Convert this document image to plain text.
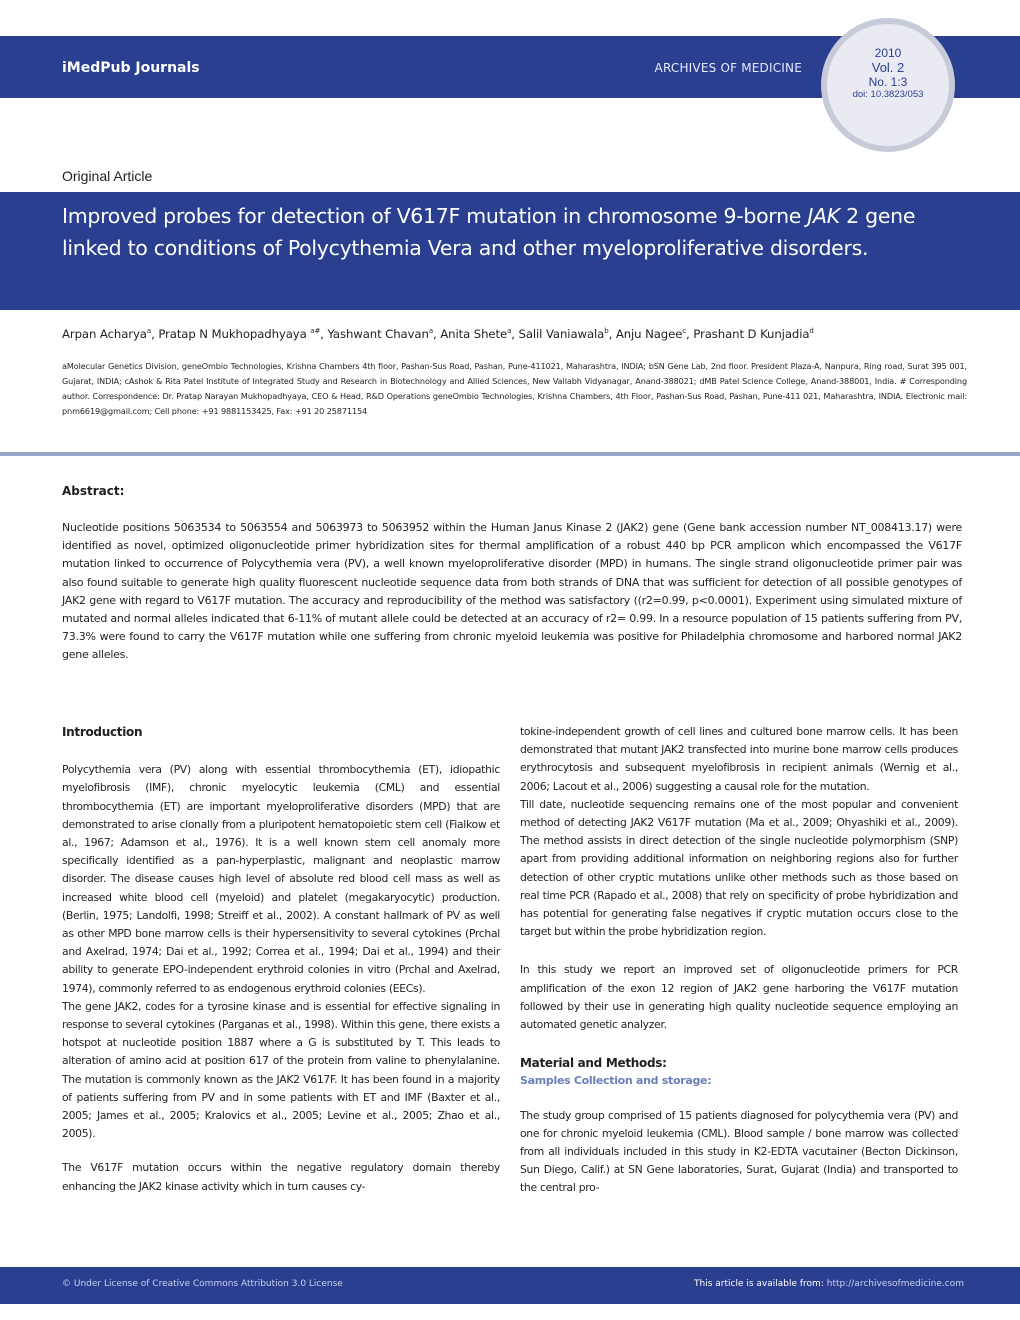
iMedPub Journals	ARCHIVES OF MEDICINE
2010
Vol. 2
No. 1:3
doi: 10.3823/053
Original Article
Improved probes for detection of V617F mutation in chromosome 9-borne JAK 2 gene linked to conditions of Polycythemia Vera and other myeloproliferative disorders.
Arpan Acharya$^a$, Pratap N Mukhopadhyaya $^{a\#}$, Yashwant Chavan$^a$, Anita Shete$^a$, Salil Vaniawala$^b$, Anju Nagee$^c$, Prashant D Kunjadia$^d$
aMolecular Genetics Division, geneOmbio Technologies, Krishna Chambers 4th floor, Pashan-Sus Road, Pashan, Pune-411021, Maharashtra, INDIA; bSN Gene Lab, 2nd floor. President Plaza-A, Nanpura, Ring road, Surat 395 001, Gujarat, INDIA; cAshok & Rita Patel Institute of Integrated Study and Research in Biotechnology and Allied Sciences, New Vallabh Vidyanagar, Anand-388021; dMB Patel Science College, Anand-388001, India. # Corresponding author. Correspondence: Dr. Pratap Narayan Mukhopadhyaya, CEO & Head, R&D Operations geneOmbio Technologies, Krishna Chambers, 4th Floor, Pashan-Sus Road, Pashan, Pune-411 021, Maharashtra, INDIA. Electronic mail: pnm6619@gmail.com; Cell phone: +91 9881153425, Fax: +91 20 25871154
Abstract:
Nucleotide positions 5063534 to 5063554 and 5063973 to 5063952 within the Human Janus Kinase 2 (JAK2) gene (Gene bank accession number NT_008413.17) were identified as novel, optimized oligonucleotide primer hybridization sites for thermal amplification of a robust 440 bp PCR amplicon which encompassed the V617F mutation linked to occurrence of Polycythemia vera (PV), a well known myeloproliferative disorder (MPD) in humans. The single strand oligonucleotide primer pair was also found suitable to generate high quality fluorescent nucleotide sequence data from both strands of DNA that was sufficient for detection of all possible genotypes of JAK2 gene with regard to V617F mutation. The accuracy and reproducibility of the method was satisfactory ((r2=0.99, p<0.0001). Experiment using simulated mixture of mutated and normal alleles indicated that 6-11% of mutant allele could be detected at an accuracy of r2= 0.99. In a resource population of 15 patients suffering from PV, 73.3% were found to carry the V617F mutation while one suffering from chronic myeloid leukemia was positive for Philadelphia chromosome and harbored normal JAK2 gene alleles.
Introduction

Polycythemia vera (PV) along with essential thrombocythemia (ET), idiopathic myelofibrosis (IMF), chronic myelocytic leukemia (CML) and essential thrombocythemia (ET) are important myeloproliferative disorders (MPD) that are demonstrated to arise clonally from a pluripotent hematopoietic stem cell (Fialkow et al., 1967; Adamson et al., 1976). It is a well known stem cell anomaly more specifically identified as a pan-hyperplastic, malignant and neoplastic marrow disorder. The disease causes high level of absolute red blood cell mass as well as increased white blood cell (myeloid) and platelet (megakaryocytic) production. (Berlin, 1975; Landolfi, 1998; Streiff et al., 2002). A constant hallmark of PV as well as other MPD bone marrow cells is their hypersensitivity to several cytokines (Prchal and Axelrad, 1974; Dai et al., 1992; Correa et al., 1994; Dai et al., 1994) and their ability to generate EPO-independent erythroid colonies in vitro (Prchal and Axelrad, 1974), commonly referred to as endogenous erythroid colonies (EECs).

The gene JAK2, codes for a tyrosine kinase and is essential for effective signaling in response to several cytokines (Parganas et al., 1998). Within this gene, there exists a hotspot at nucleotide position 1887 where a G is substituted by T. This leads to alteration of amino acid at position 617 of the protein from valine to phenylalanine. The mutation is commonly known as the JAK2 V617F. It has been found in a majority of patients suffering from PV and in some patients with ET and IMF (Baxter et al., 2005; James et al., 2005; Kralovics et al., 2005; Levine et al., 2005; Zhao et al., 2005).

The V617F mutation occurs within the negative regulatory domain thereby enhancing the JAK2 kinase activity which in turn causes cy-

tokine-independent growth of cell lines and cultured bone marrow cells. It has been demonstrated that mutant JAK2 transfected into murine bone marrow cells produces erythrocytosis and subsequent myelofibrosis in recipient animals (Wernig et al., 2006; Lacout et al., 2006) suggesting a causal role for the mutation.

Till date, nucleotide sequencing remains one of the most popular and convenient method of detecting JAK2 V617F mutation (Ma et al., 2009; Ohyashiki et al., 2009). The method assists in direct detection of the single nucleotide polymorphism (SNP) apart from providing additional information on neighboring regions also for further detection of other cryptic mutations unlike other methods such as those based on real time PCR (Rapado et al., 2008) that rely on specificity of probe hybridization and has potential for generating false negatives if cryptic mutation occurs close to the target but within the probe hybridization region.

In this study we report an improved set of oligonucleotide primers for PCR amplification of the exon 12 region of JAK2 gene harboring the V617F mutation followed by their use in generating high quality nucleotide sequence employing an automated genetic analyzer.

Material and Methods:
Samples Collection and storage:

The study group comprised of 15 patients diagnosed for polycythemia vera (PV) and one for chronic myeloid leukemia (CML). Blood sample / bone marrow was collected from all individuals included in this study in K2-EDTA vacutainer (Becton Dickinson, Sun Diego, Calif.) at SN Gene laboratories, Surat, Gujarat (India) and transported to the central pro-

© Under License of Creative Commons Attribution 3.0 License	This article is available from: http://archivesofmedicine.com
